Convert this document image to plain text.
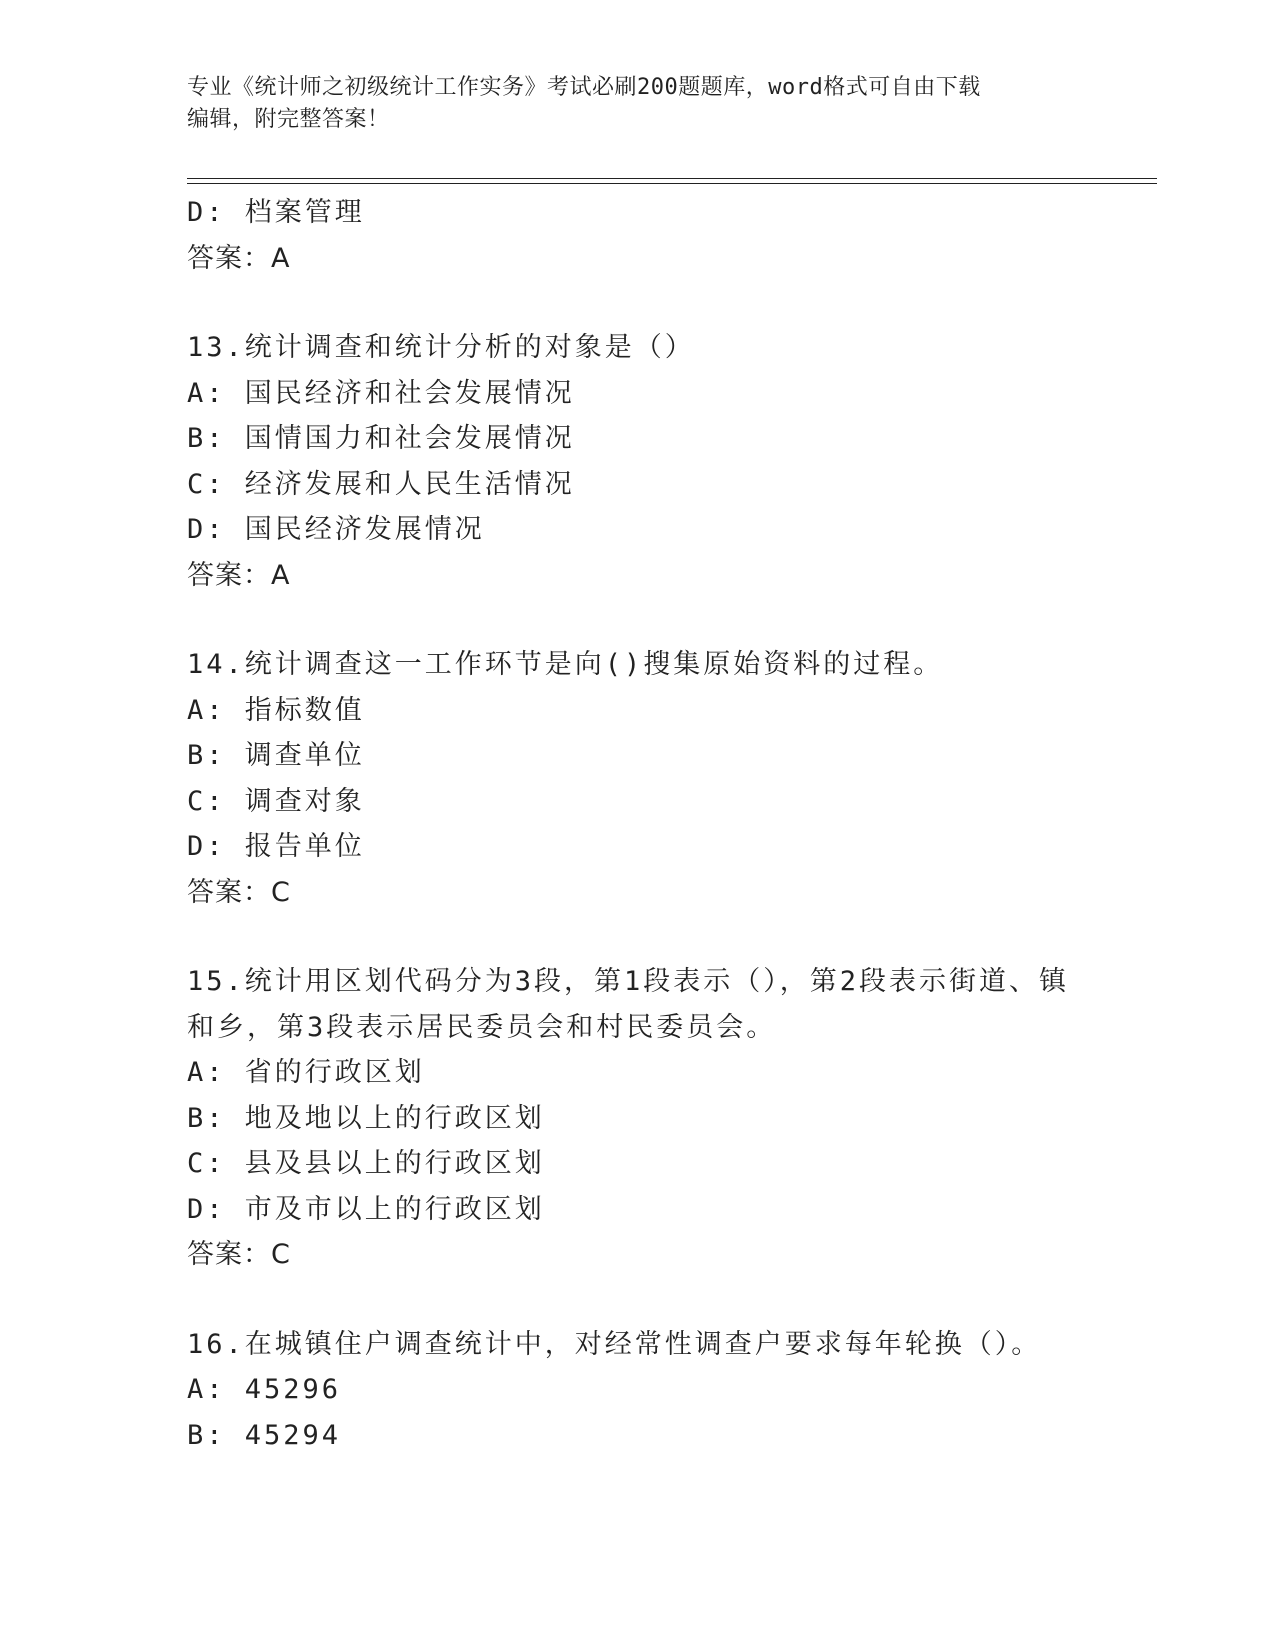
专业《统计师之初级统计工作实务》考试必刷200题题库，word格式可自由下载
编辑，附完整答案！
D: 档案管理
答案：A
13.统计调查和统计分析的对象是（）
A: 国民经济和社会发展情况
B: 国情国力和社会发展情况
C: 经济发展和人民生活情况
D: 国民经济发展情况
答案：A
14.统计调查这一工作环节是向()搜集原始资料的过程。
A: 指标数值
B: 调查单位
C: 调查对象
D: 报告单位
答案：C
15.统计用区划代码分为3段，第1段表示（），第2段表示街道、镇
和乡，第3段表示居民委员会和村民委员会。
A: 省的行政区划
B: 地及地以上的行政区划
C: 县及县以上的行政区划
D: 市及市以上的行政区划
答案：C
16.在城镇住户调查统计中，对经常性调查户要求每年轮换（）。
A: 45296
B: 45294
